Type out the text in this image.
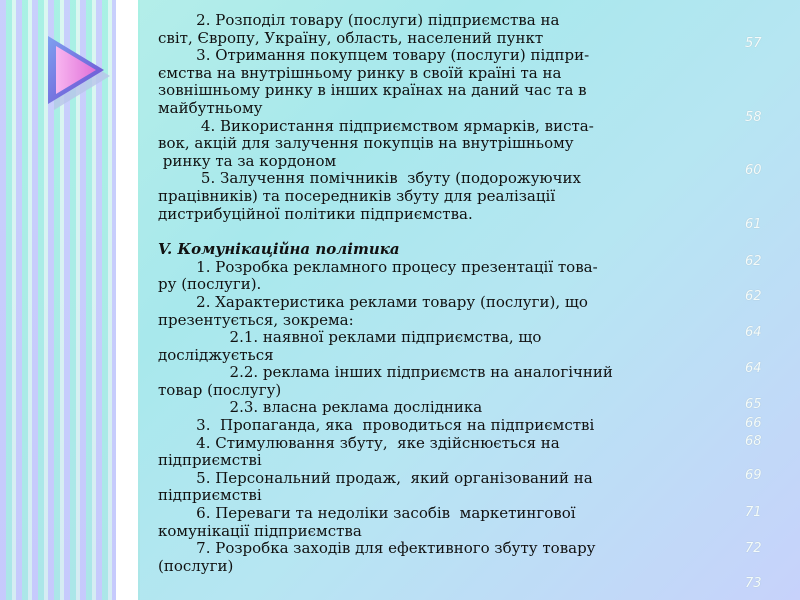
2. Розподіл товару (послуги) підприємства на
світ, Європу, Україну, область, населений пункт
3. Отримання покупцем товару (послуги) підпри-
ємства на внутрішньому ринку в своїй країні та на
зовнішньому ринку в інших країнах на даний час та в
майбутньому
4. Використання підприємством ярмарків, виста-
вок, акцій для залучення покупців на внутрішньому
ринку та за кордоном
5. Залучення помічників  збуту (подорожуючих
працівників) та посередників збуту для реалізації
дистрибуційної політики підприємства.
V. Комунікаційна політика
1. Розробка рекламного процесу презентації това-
ру (послуги).
2. Характеристика реклами товару (послуги), що
презентується, зокрема:
2.1. наявної реклами підприємства, що
досліджується
2.2. реклама інших підприємств на аналогічний
товар (послугу)
2.3. власна реклама дослідника
3.  Пропаганда, яка  проводиться на підприємстві
4. Стимулювання збуту,  яке здійснюється на
підприємстві
5. Персональний продаж,  який організований на
підприємстві
6. Переваги та недоліки засобів  маркетингової
комунікації підприємства
7. Розробка заходів для ефективного збуту товару
(послуги)
57
58
60
61
62
62
64
64
65
66
68
69
71
72
73
